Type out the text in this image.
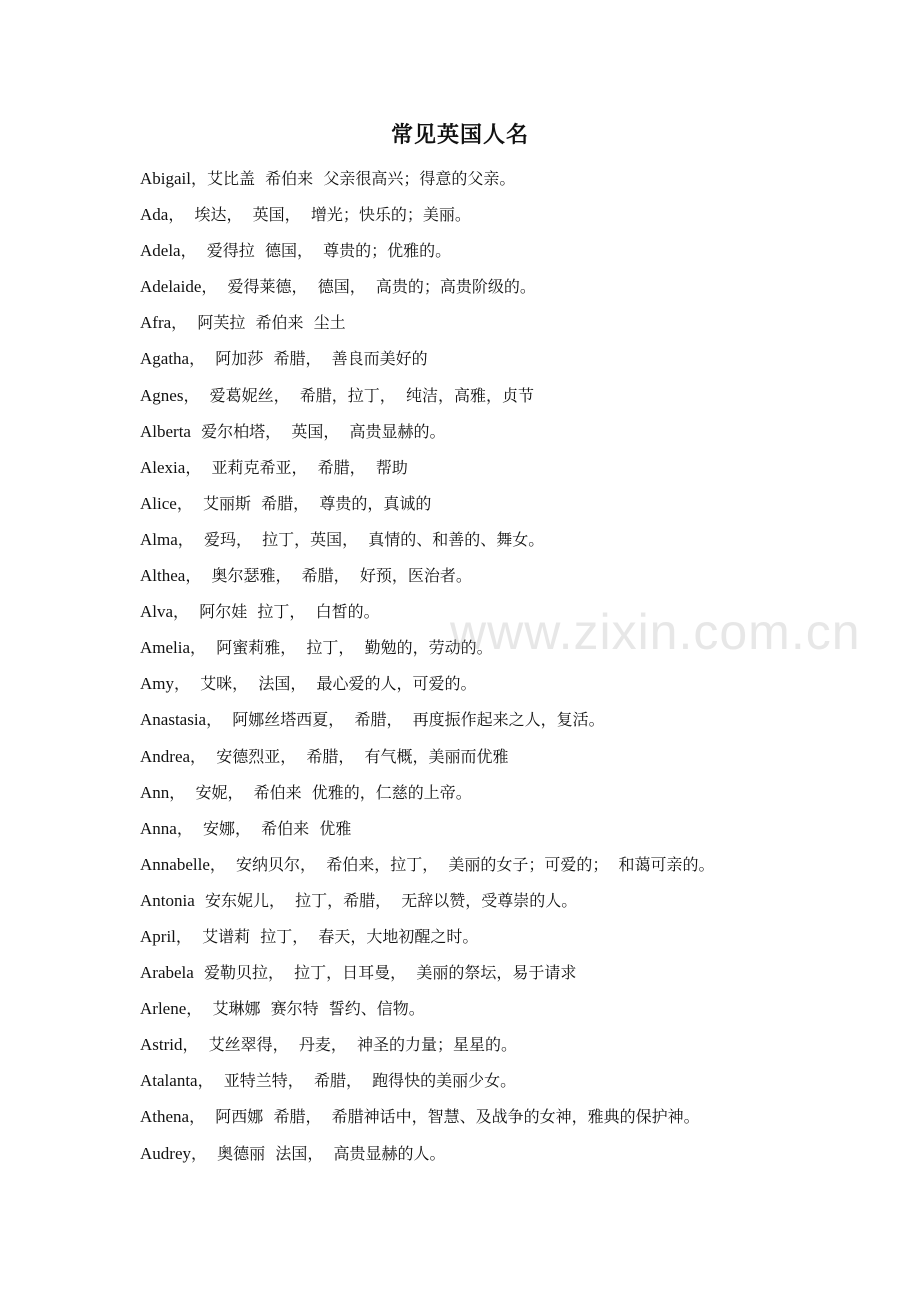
常见英国人名
Abigail，艾比盖  希伯来  父亲很高兴；得意的父亲。
Ada，  埃达，  英国，  增光；快乐的；美丽。
Adela，  爱得拉  德国，  尊贵的；优雅的。
Adelaide，  爱得莱德，  德国，  高贵的；高贵阶级的。
Afra，  阿芙拉  希伯来  尘土
Agatha，  阿加莎  希腊，  善良而美好的
Agnes，  爱葛妮丝，  希腊，拉丁，  纯洁，高雅，贞节
Alberta  爱尔柏塔，  英国，  高贵显赫的。
Alexia，  亚莉克希亚，  希腊，  帮助
Alice，  艾丽斯  希腊，  尊贵的，真诚的
Alma，  爱玛，  拉丁，英国，  真情的、和善的、舞女。
Althea，  奥尔瑟雅，  希腊，  好预，医治者。
Alva，  阿尔娃  拉丁，  白皙的。
Amelia，  阿蜜莉雅，  拉丁，  勤勉的，劳动的。
Amy，  艾咪，  法国，  最心爱的人，可爱的。
Anastasia，  阿娜丝塔西夏，  希腊，  再度振作起来之人，复活。
Andrea，  安德烈亚，  希腊，  有气概，美丽而优雅
Ann，  安妮，  希伯来  优雅的，仁慈的上帝。
Anna，  安娜，  希伯来  优雅
Annabelle，  安纳贝尔，  希伯来，拉丁，  美丽的女子；可爱的；  和蔼可亲的。
Antonia  安东妮儿，  拉丁，希腊，  无辞以赞，受尊崇的人。
April，  艾谱莉  拉丁，  春天，大地初醒之时。
Arabela  爱勒贝拉，  拉丁，日耳曼，  美丽的祭坛，易于请求
Arlene，  艾琳娜  赛尔特  誓约、信物。
Astrid，  艾丝翠得，  丹麦，  神圣的力量；星星的。
Atalanta，  亚特兰特，  希腊，  跑得快的美丽少女。
Athena，  阿西娜  希腊，  希腊神话中，智慧、及战争的女神，雅典的保护神。
Audrey，  奥德丽  法国，  高贵显赫的人。
www.zixin.com.cn
